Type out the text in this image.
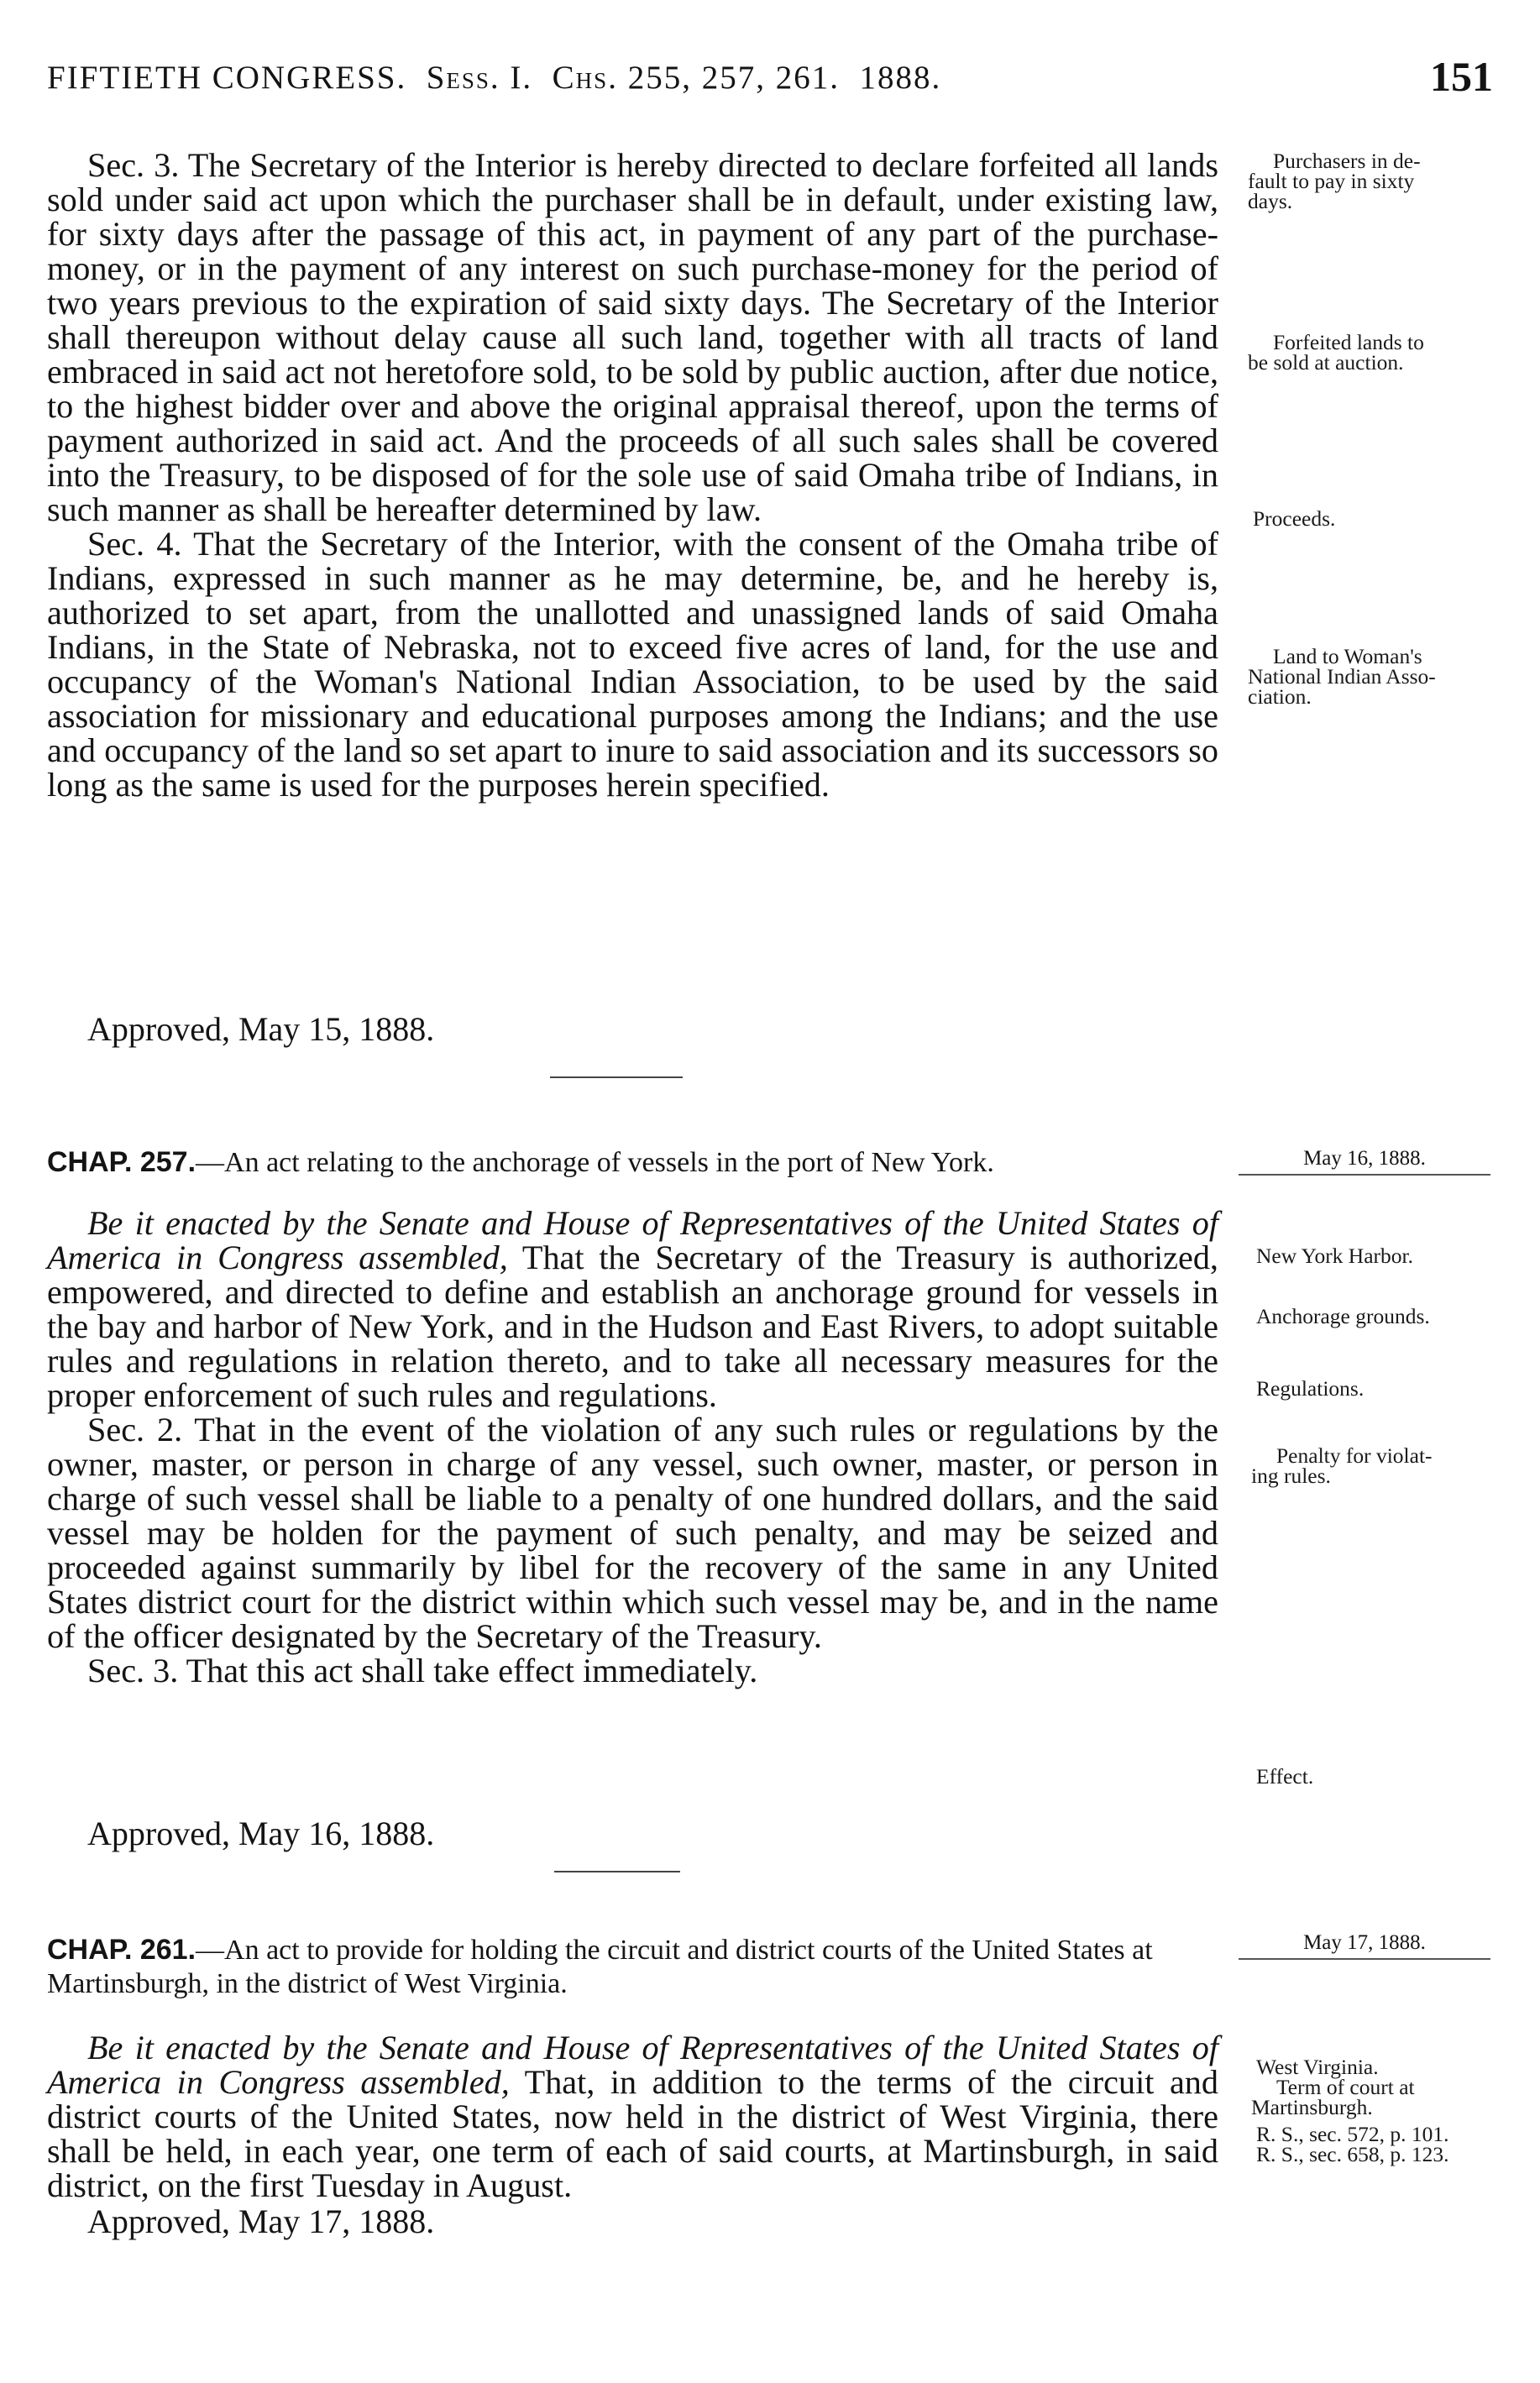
FIFTIETH CONGRESS. Sess. I. Chs. 255, 257, 261. 1888.	151

Sec. 3. The Secretary of the Interior is hereby directed to declare forfeited all lands sold under said act upon which the purchaser shall be in default, under existing law, for sixty days after the passage of this act, in payment of any part of the purchase-money, or in the payment of any interest on such purchase-money for the period of two years previous to the expiration of said sixty days. The Secretary of the Interior shall thereupon without delay cause all such land, together with all tracts of land embraced in said act not heretofore sold, to be sold by public auction, after due notice, to the highest bidder over and above the original appraisal thereof, upon the terms of payment authorized in said act. And the proceeds of all such sales shall be covered into the Treasury, to be disposed of for the sole use of said Omaha tribe of Indians, in such manner as shall be hereafter determined by law.

Sec. 4. That the Secretary of the Interior, with the consent of the Omaha tribe of Indians, expressed in such manner as he may determine, be, and he hereby is, authorized to set apart, from the unallotted and unassigned lands of said Omaha Indians, in the State of Nebraska, not to exceed five acres of land, for the use and occupancy of the Woman's National Indian Association, to be used by the said association for missionary and educational purposes among the Indians; and the use and occupancy of the land so set apart to inure to said association and its successors so long as the same is used for the purposes herein specified.

Approved, May 15, 1888.
Purchasers in de-
fault to pay in sixty
days.
Forfeited lands to
be sold at auction.
Proceeds.
Land to Woman's
National Indian Asso-
ciation.
CHAP. 257.—An act relating to the anchorage of vessels in the port of New York.	May 16, 1888.

Be it enacted by the Senate and House of Representatives of the United States of America in Congress assembled, That the Secretary of the Treasury is authorized, empowered, and directed to define and establish an anchorage ground for vessels in the bay and harbor of New York, and in the Hudson and East Rivers, to adopt suitable rules and regulations in relation thereto, and to take all necessary measures for the proper enforcement of such rules and regulations.

Sec. 2. That in the event of the violation of any such rules or regulations by the owner, master, or person in charge of any vessel, such owner, master, or person in charge of such vessel shall be liable to a penalty of one hundred dollars, and the said vessel may be holden for the payment of such penalty, and may be seized and proceeded against summarily by libel for the recovery of the same in any United States district court for the district within which such vessel may be, and in the name of the officer designated by the Secretary of the Treasury.

Sec. 3. That this act shall take effect immediately.

Approved, May 16, 1888.
New York Harbor.
Anchorage grounds.
Regulations.
Penalty for violat-
ing rules.
Effect.
CHAP. 261.—An act to provide for holding the circuit and district courts of the United States at Martinsburgh, in the district of West Virginia.
May 17, 1888.

Be it enacted by the Senate and House of Representatives of the United States of America in Congress assembled, That, in addition to the terms of the circuit and district courts of the United States, now held in the district of West Virginia, there shall be held, in each year, one term of each of said courts, at Martinsburgh, in said district, on the first Tuesday in August.

Approved, May 17, 1888.
West Virginia.
Term of court at
Martinsburgh.
R. S., sec. 572, p. 101.
R. S., sec. 658, p. 123.
